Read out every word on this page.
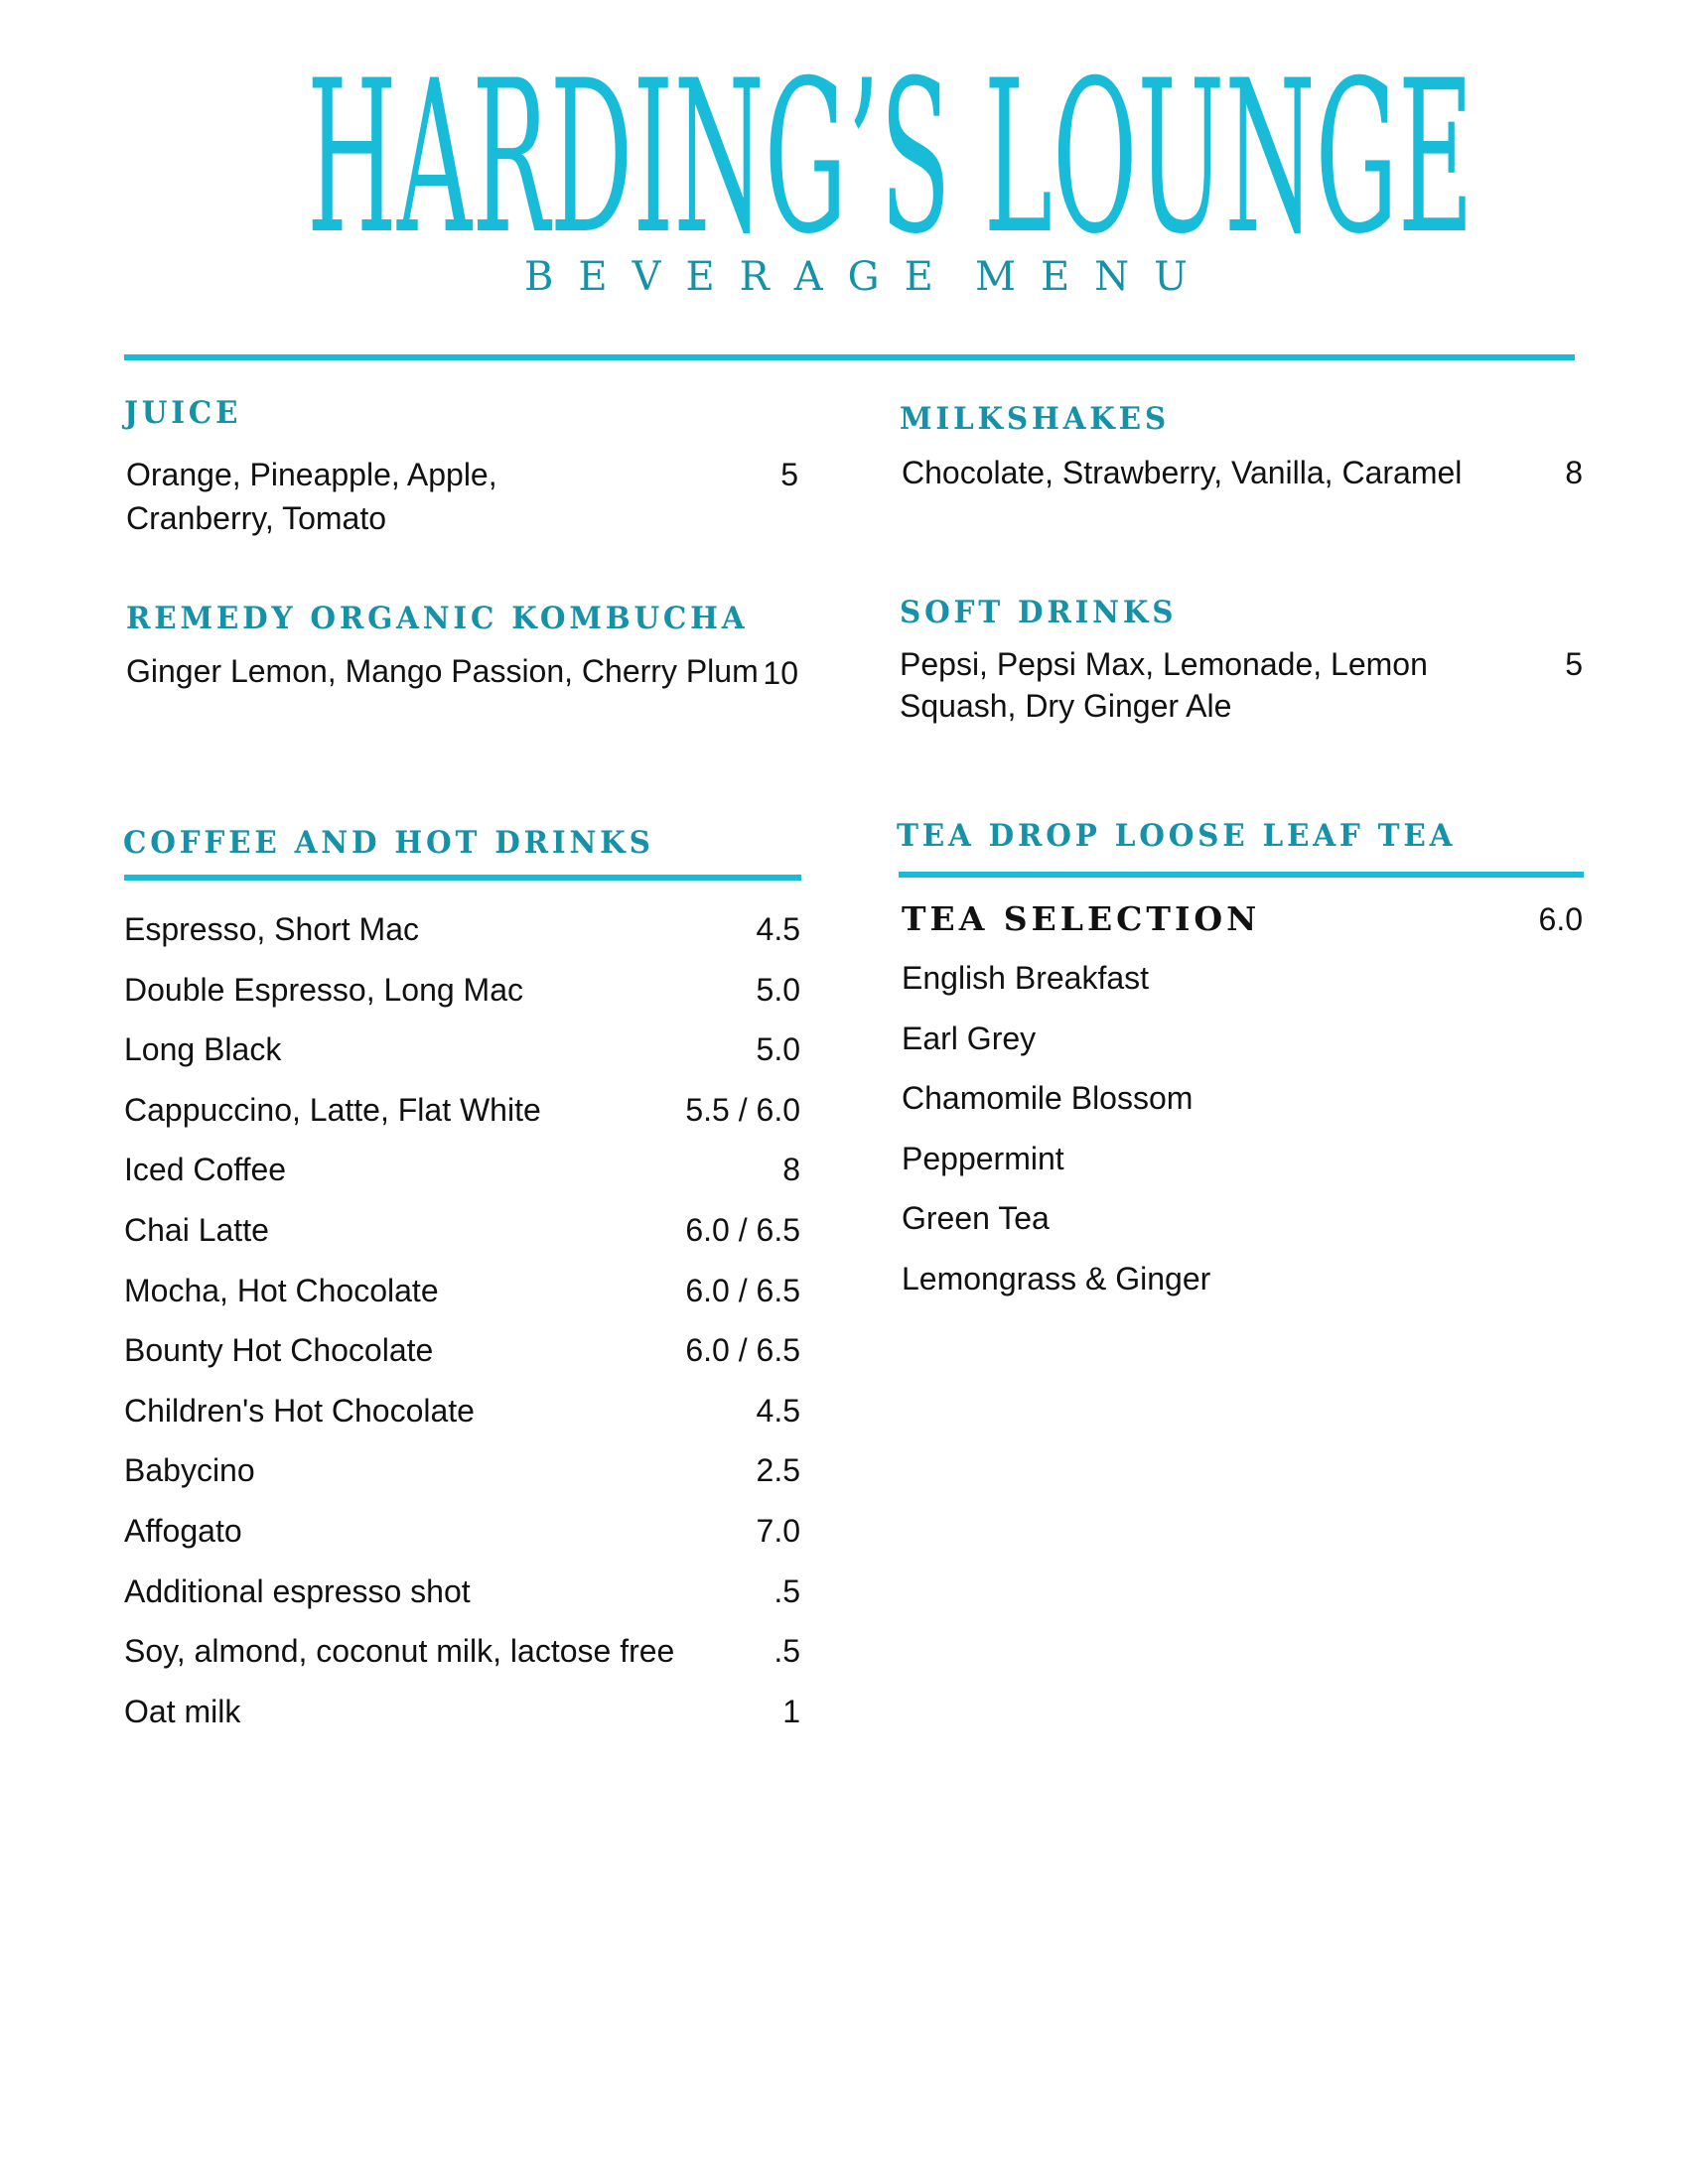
HARDING’S LOUNGE
BEVERAGE MENU
JUICE
Orange, Pineapple, Apple,
Cranberry, Tomato
5
MILKSHAKES
Chocolate, Strawberry, Vanilla, Caramel	8
REMEDY ORGANIC KOMBUCHA
Ginger Lemon, Mango Passion, Cherry Plum 10
SOFT DRINKS
Pepsi, Pepsi Max, Lemonade, Lemon
Squash, Dry Ginger Ale
5
COFFEE AND HOT DRINKS
Espresso, Short Mac	4.5
Double Espresso, Long Mac	5.0
Long Black	5.0
Cappuccino, Latte, Flat White	5.5 / 6.0
Iced Coffee	8
Chai Latte	6.0 / 6.5
Mocha, Hot Chocolate	6.0 / 6.5
Bounty Hot Chocolate	6.0 / 6.5
Children's Hot Chocolate	4.5
Babycino	2.5
Affogato	7.0
Additional espresso shot	.5
Soy, almond, coconut milk, lactose free	.5
Oat milk	1
TEA DROP LOOSE LEAF TEA
TEA SELECTION	6.0
English Breakfast
Earl Grey
Chamomile Blossom
Peppermint
Green Tea
Lemongrass & Ginger
